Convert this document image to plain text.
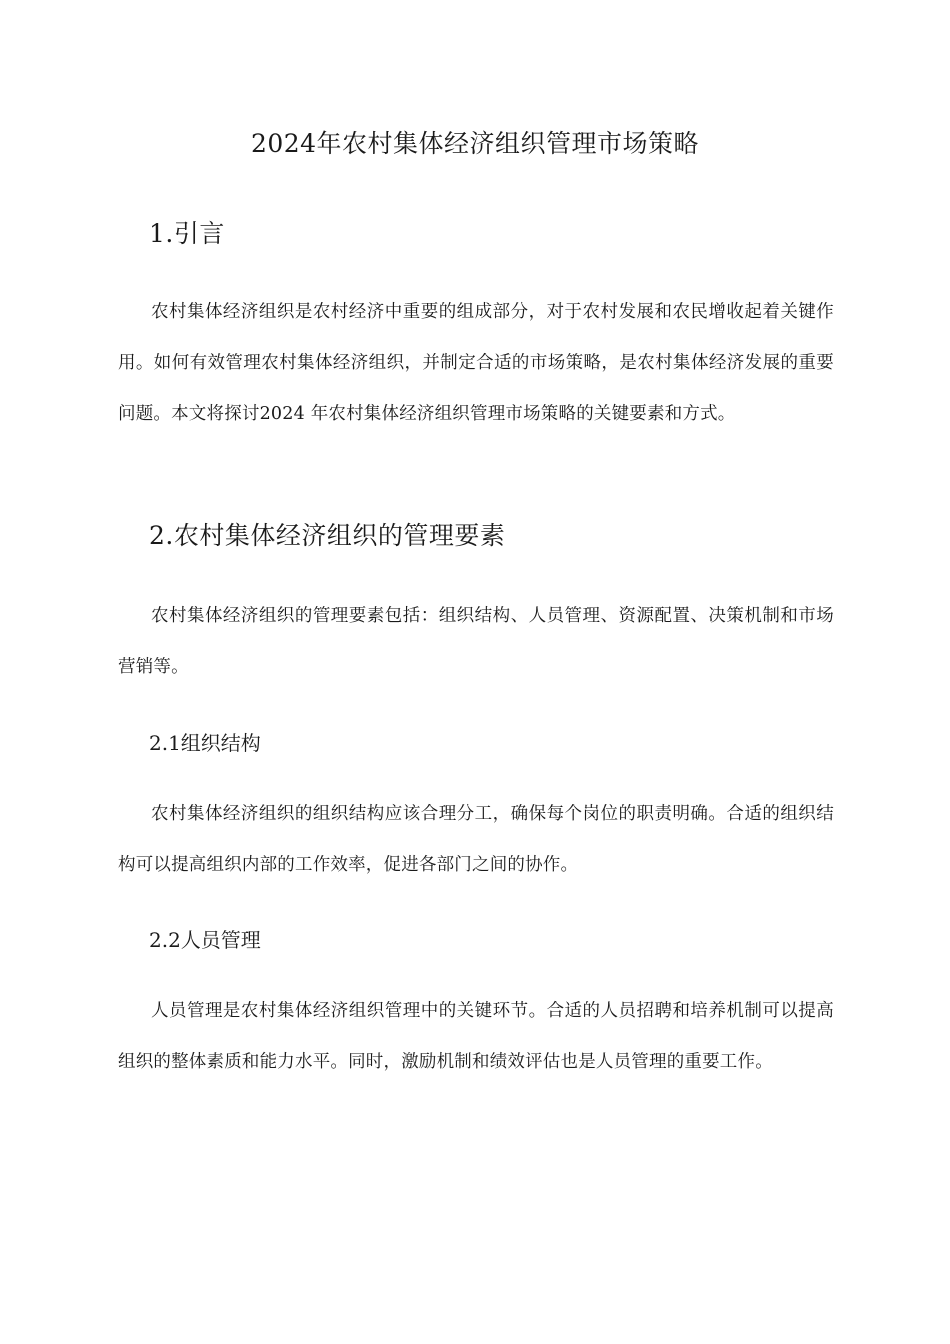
2024年农村集体经济组织管理市场策略
1.引言
农村集体经济组织是农村经济中重要的组成部分，对于农村发展和农民增收起着关键作用。如何有效管理农村集体经济组织，并制定合适的市场策略，是农村集体经济发展的重要问题。本文将探讨2024 年农村集体经济组织管理市场策略的关键要素和方式。
2.农村集体经济组织的管理要素
农村集体经济组织的管理要素包括：组织结构、人员管理、资源配置、决策机制和市场营销等。
2.1组织结构
农村集体经济组织的组织结构应该合理分工，确保每个岗位的职责明确。合适的组织结构可以提高组织内部的工作效率，促进各部门之间的协作。
2.2人员管理
人员管理是农村集体经济组织管理中的关键环节。合适的人员招聘和培养机制可以提高组织的整体素质和能力水平。同时，激励机制和绩效评估也是人员管理的重要工作。
